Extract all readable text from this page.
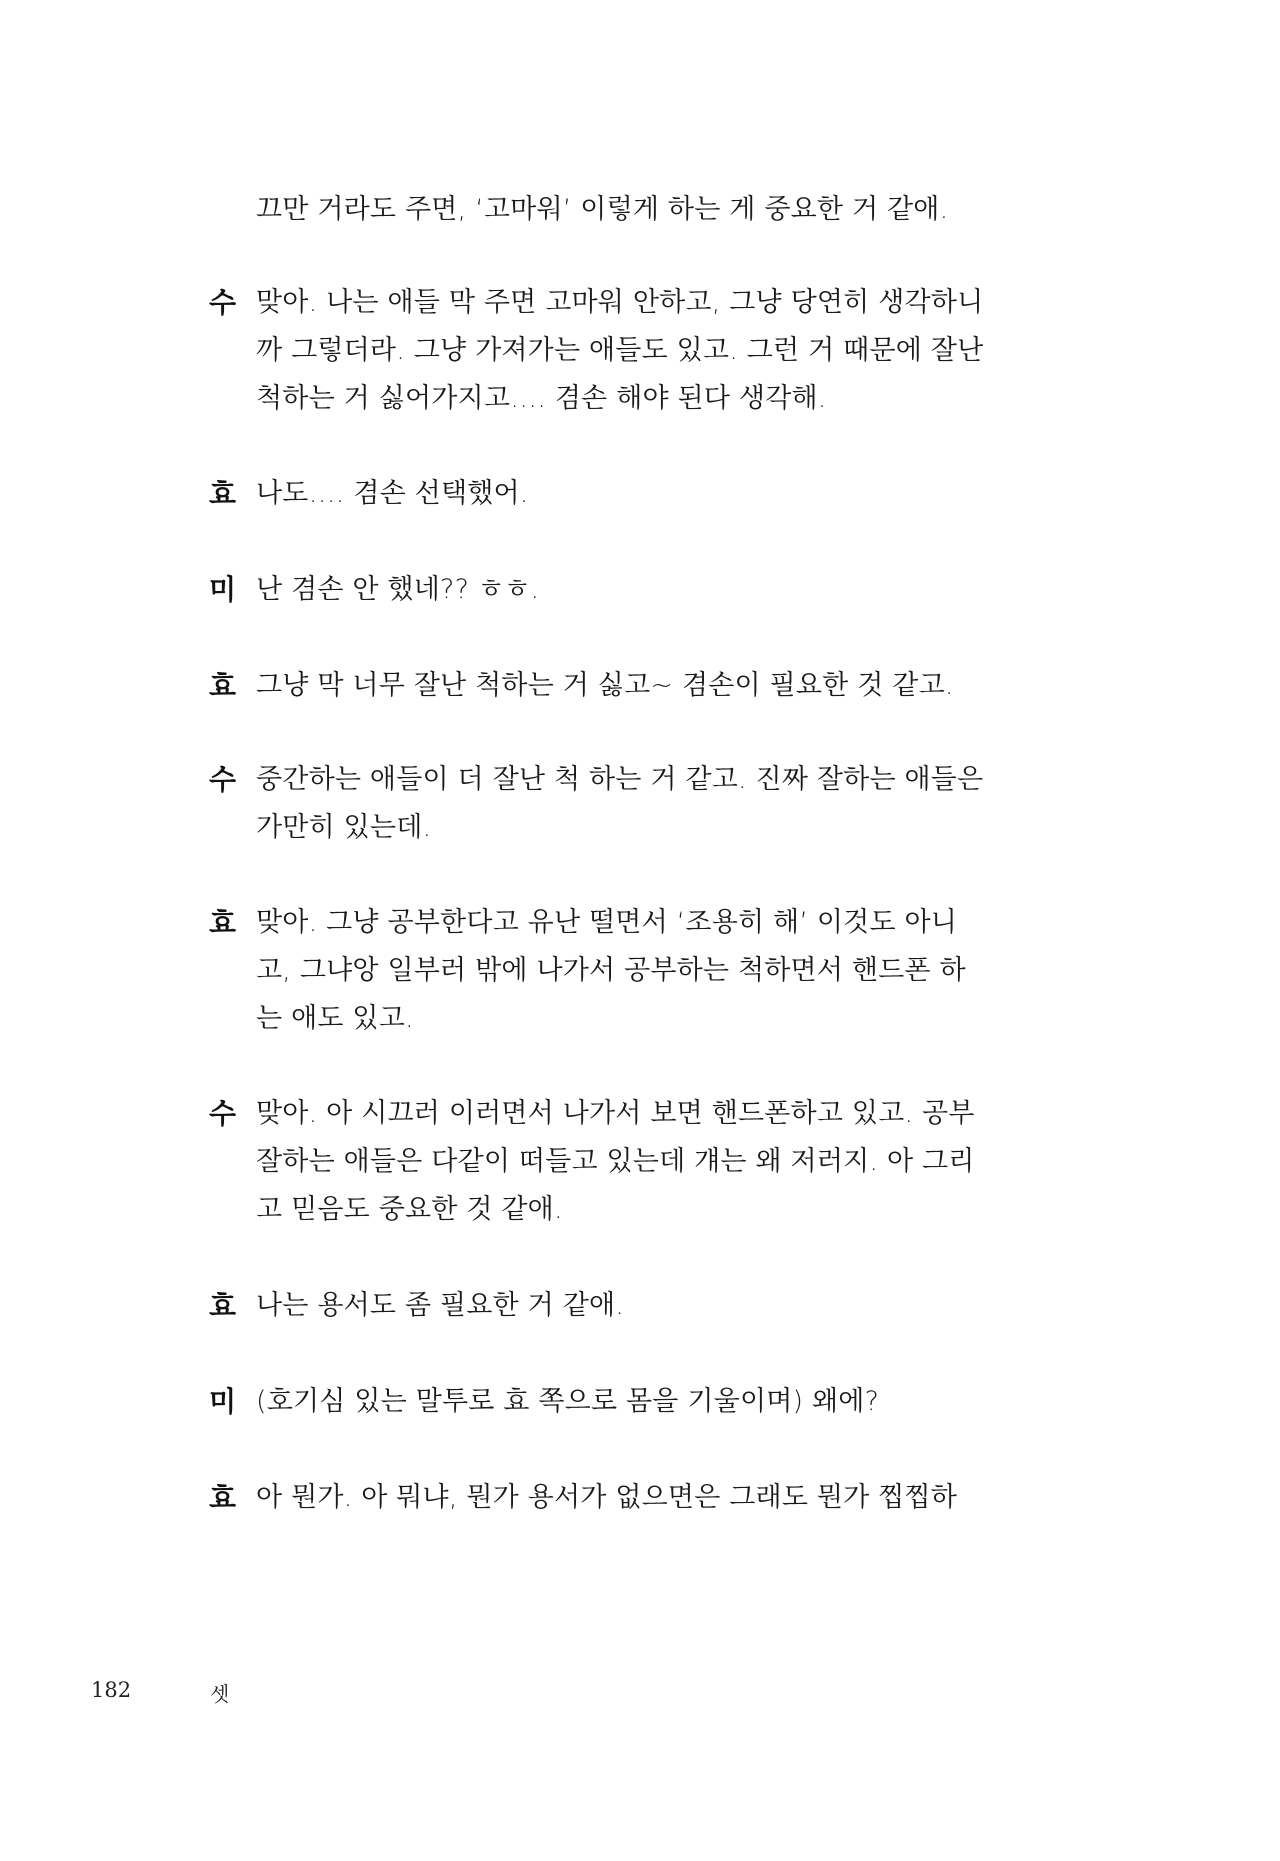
끄만 거라도 주면, ‘고마워’ 이렇게 하는 게 중요한 거 같애.
수 맞아. 나는 애들 막 주면 고마워 안하고, 그냥 당연히 생각하니
까 그렇더라. 그냥 가져가는 애들도 있고. 그런 거 때문에 잘난
척하는 거 싫어가지고…. 겸손 해야 된다 생각해.
효 나도…. 겸손 선택했어.
미 난 겸손 안 했네?? ㅎㅎ.
효 그냥 막 너무 잘난 척하는 거 싫고~ 겸손이 필요한 것 같고.
수 중간하는 애들이 더 잘난 척 하는 거 같고. 진짜 잘하는 애들은
가만히 있는데.
효 맞아. 그냥 공부한다고 유난 떨면서 ‘조용히 해’ 이것도 아니
고, 그냐앙 일부러 밖에 나가서 공부하는 척하면서 핸드폰 하
는 애도 있고.
수 맞아. 아 시끄러 이러면서 나가서 보면 핸드폰하고 있고. 공부
잘하는 애들은 다같이 떠들고 있는데 걔는 왜 저러지. 아 그리
고 믿음도 중요한 것 같애.
효 나는 용서도 좀 필요한 거 같애.
미 (호기심 있는 말투로 효 쪽으로 몸을 기울이며) 왜에?
효 아 뭔가. 아 뭐냐, 뭔가 용서가 없으면은 그래도 뭔가 찝찝하
182	셋
